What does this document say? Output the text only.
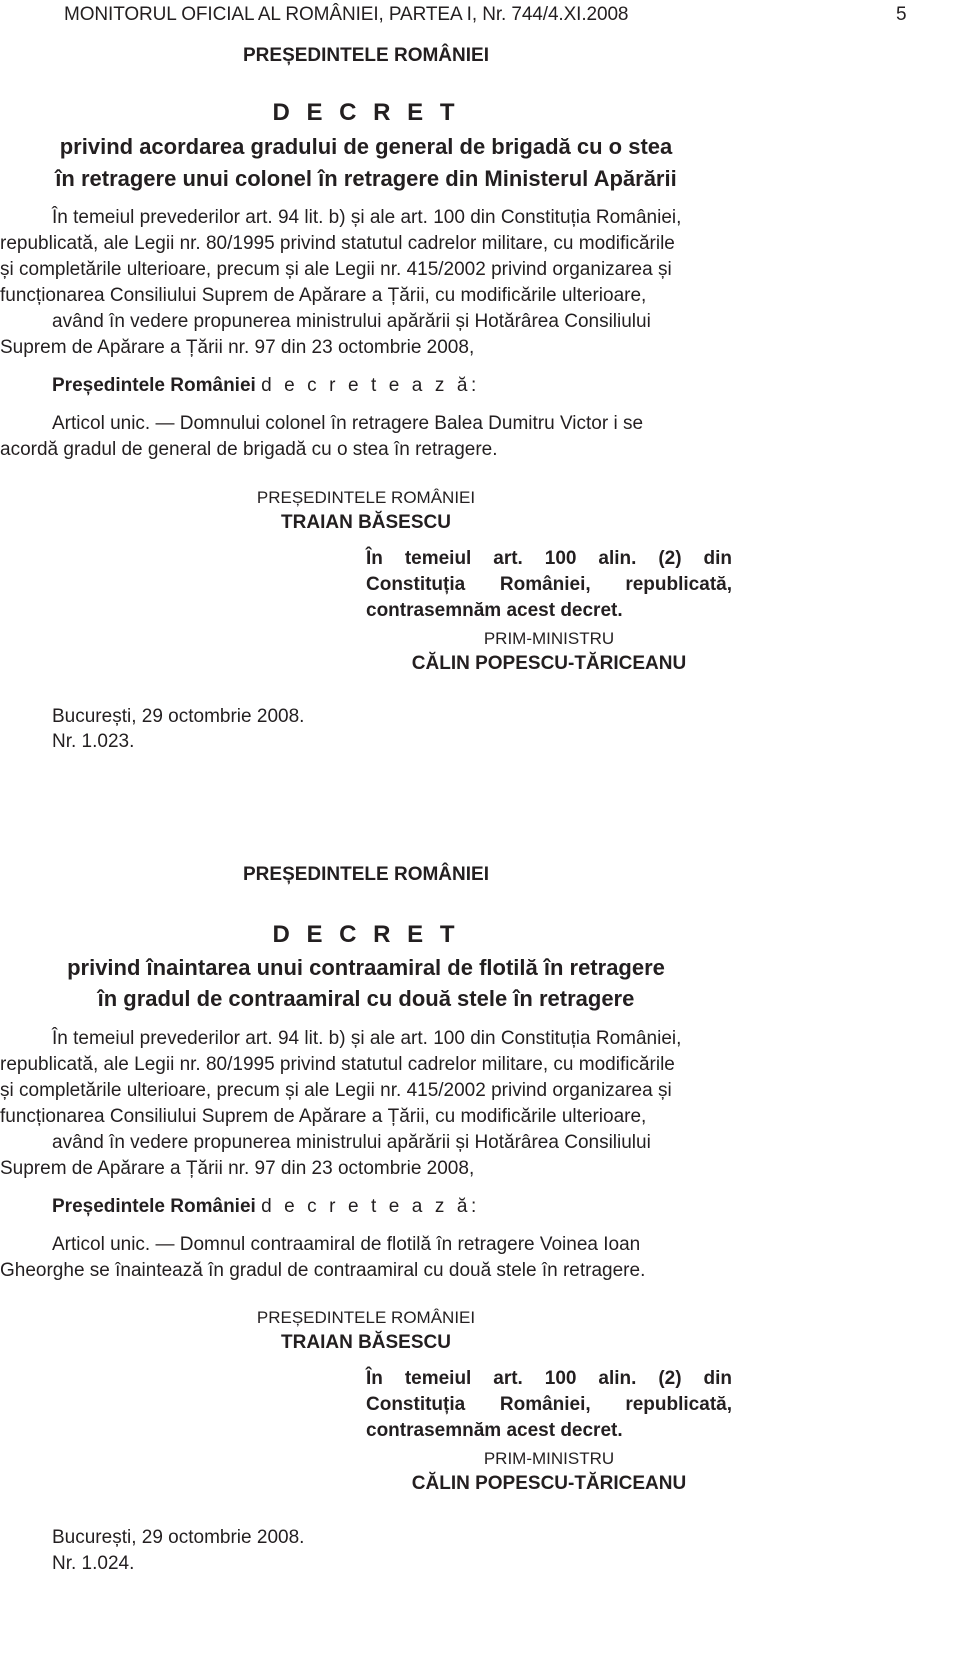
MONITORUL OFICIAL AL ROMÂNIEI, PARTEA I, Nr. 744/4.XI.2008	5
PREȘEDINTELE ROMÂNIEI
D E C R E T
privind acordarea gradului de general de brigadă cu o stea
în retragere unui colonel în retragere din Ministerul Apărării
În temeiul prevederilor art. 94 lit. b) și ale art. 100 din Constituția României,
republicată, ale Legii nr. 80/1995 privind statutul cadrelor militare, cu modificările
și completările ulterioare, precum și ale Legii nr. 415/2002 privind organizarea și
funcționarea Consiliului Suprem de Apărare a Țării, cu modificările ulterioare,
având în vedere propunerea ministrului apărării și Hotărârea Consiliului
Suprem de Apărare a Țării nr. 97 din 23 octombrie 2008,
Președintele României d e c r e t e a z ă:
Articol unic. — Domnului colonel în retragere Balea Dumitru Victor i se
acordă gradul de general de brigadă cu o stea în retragere.
PREȘEDINTELE ROMÂNIEI
TRAIAN BĂSESCU
În temeiul art. 100 alin. (2) din
Constituția României, republicată,
contrasemnăm acest decret.
PRIM-MINISTRU
CĂLIN POPESCU-TĂRICEANU
București, 29 octombrie 2008.
Nr. 1.023.
PREȘEDINTELE ROMÂNIEI
D E C R E T
privind înaintarea unui contraamiral de flotilă în retragere
în gradul de contraamiral cu două stele în retragere
În temeiul prevederilor art. 94 lit. b) și ale art. 100 din Constituția României,
republicată, ale Legii nr. 80/1995 privind statutul cadrelor militare, cu modificările
și completările ulterioare, precum și ale Legii nr. 415/2002 privind organizarea și
funcționarea Consiliului Suprem de Apărare a Țării, cu modificările ulterioare,
având în vedere propunerea ministrului apărării și Hotărârea Consiliului
Suprem de Apărare a Țării nr. 97 din 23 octombrie 2008,
Președintele României d e c r e t e a z ă:
Articol unic. — Domnul contraamiral de flotilă în retragere Voinea Ioan
Gheorghe se înaintează în gradul de contraamiral cu două stele în retragere.
PREȘEDINTELE ROMÂNIEI
TRAIAN BĂSESCU
În temeiul art. 100 alin. (2) din
Constituția României, republicată,
contrasemnăm acest decret.
PRIM-MINISTRU
CĂLIN POPESCU-TĂRICEANU
București, 29 octombrie 2008.
Nr. 1.024.
